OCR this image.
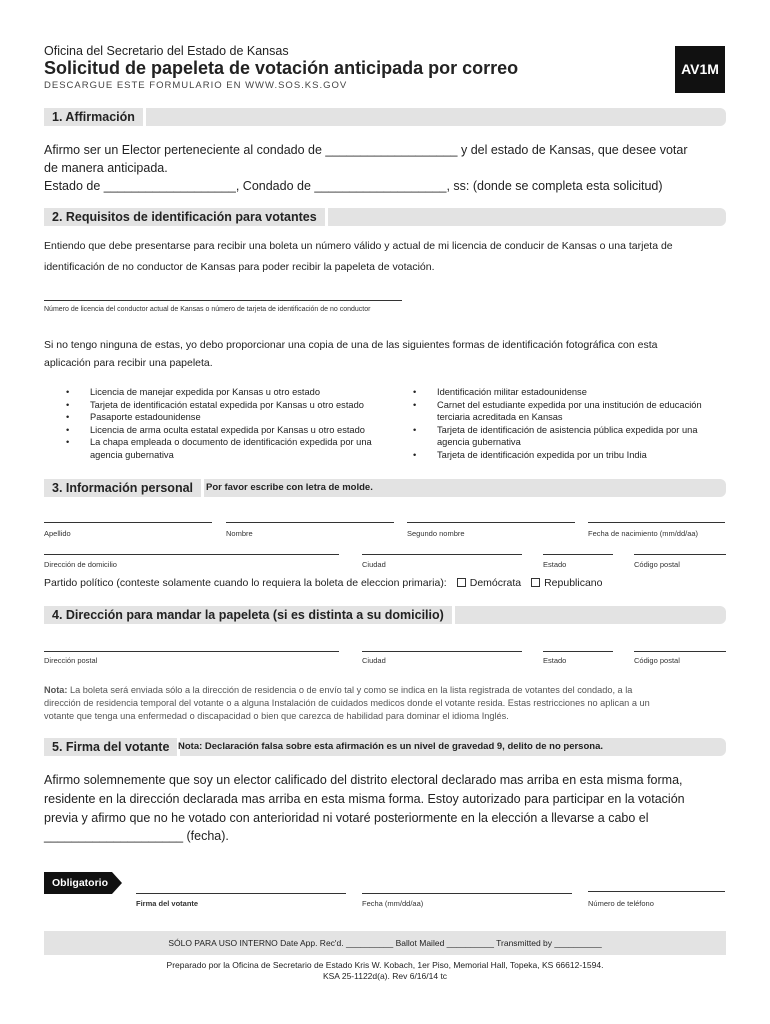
Oficina del Secretario del Estado de Kansas
Solicitud de papeleta de votación anticipada por correo
DESCARGUE ESTE FORMULARIO EN WWW.SOS.KS.GOV
AV1M
1. Affirmación
Afirmo ser un Elector perteneciente al condado de ___________________ y del estado de Kansas, que desee votar
de manera anticipada.
Estado de ___________________, Condado de ___________________, ss: (donde se completa esta solicitud)
2. Requisitos de identificación para votantes
Entiendo que debe presentarse para recibir una boleta un número válido y actual de mi licencia de conducir de Kansas o una tarjeta de
identificación de no conductor de Kansas para poder recibir la papeleta de votación.
Número de licencia del conductor actual de Kansas o número de tarjeta de identificación de no conductor
Si no tengo ninguna de estas, yo debo proporcionar una copia de una de las siguientes formas de identificación fotográfica con esta
aplicación para recibir una papeleta.
• Licencia de manejar expedida por Kansas u otro estado
• Tarjeta de identificación estatal expedida por Kansas u otro estado
• Pasaporte estadounidense
• Licencia de arma oculta estatal expedida por Kansas u otro estado
• La chapa empleada o documento de identificación expedida por una agencia gubernativa
• Identificación militar estadounidense
• Carnet del estudiante expedida por una institución de educación terciaria acreditada en Kansas
• Tarjeta de identificación de asistencia pública expedida por una agencia gubernativa
• Tarjeta de identificación expedida por un tribu India
3. Información personal	Por favor escribe con letra de molde.
Apellido	Nombre	Segundo nombre	Fecha de nacimiento (mm/dd/aa)
Dirección de domicilio	Ciudad	Estado	Código postal
Partido político (conteste solamente cuando lo requiera la boleta de eleccion primaria): Demócrata Republicano
4. Dirección para mandar la papeleta (si es distinta a su domicilio)
Dirección postal	Ciudad	Estado	Código postal
Nota: La boleta será enviada sólo a la dirección de residencia o de envío tal y como se indica en la lista registrada de votantes del condado, a la
dirección de residencia temporal del votante o a alguna Instalación de cuidados medicos donde el votante resida. Estas restricciones no aplican a un
votante que tenga una enfermedad o discapacidad o bien que carezca de habilidad para dominar el idioma Inglés.
5. Firma del votante Nota: Declaración falsa sobre esta afirmación es un nivel de gravedad 9, delito de no persona.
Afirmo solemnemente que soy un elector calificado del distrito electoral declarado mas arriba en esta misma forma,
residente en la dirección declarada mas arriba en esta misma forma. Estoy autorizado para participar en la votación
previa y afirmo que no he votado con anterioridad ni votaré posteriormente en la elección a llevarse a cabo el
____________________ (fecha).
Obligatorio
Firma del votante	Fecha (mm/dd/aa)	Número de teléfono
SÓLO PARA USO INTERNO Date App. Rec'd. __________ Ballot Mailed __________ Transmitted by __________
Preparado por la Oficina de Secretario de Estado Kris W. Kobach, 1er Piso, Memorial Hall, Topeka, KS 66612-1594.
KSA 25-1122d(a). Rev 6/16/14 tc
